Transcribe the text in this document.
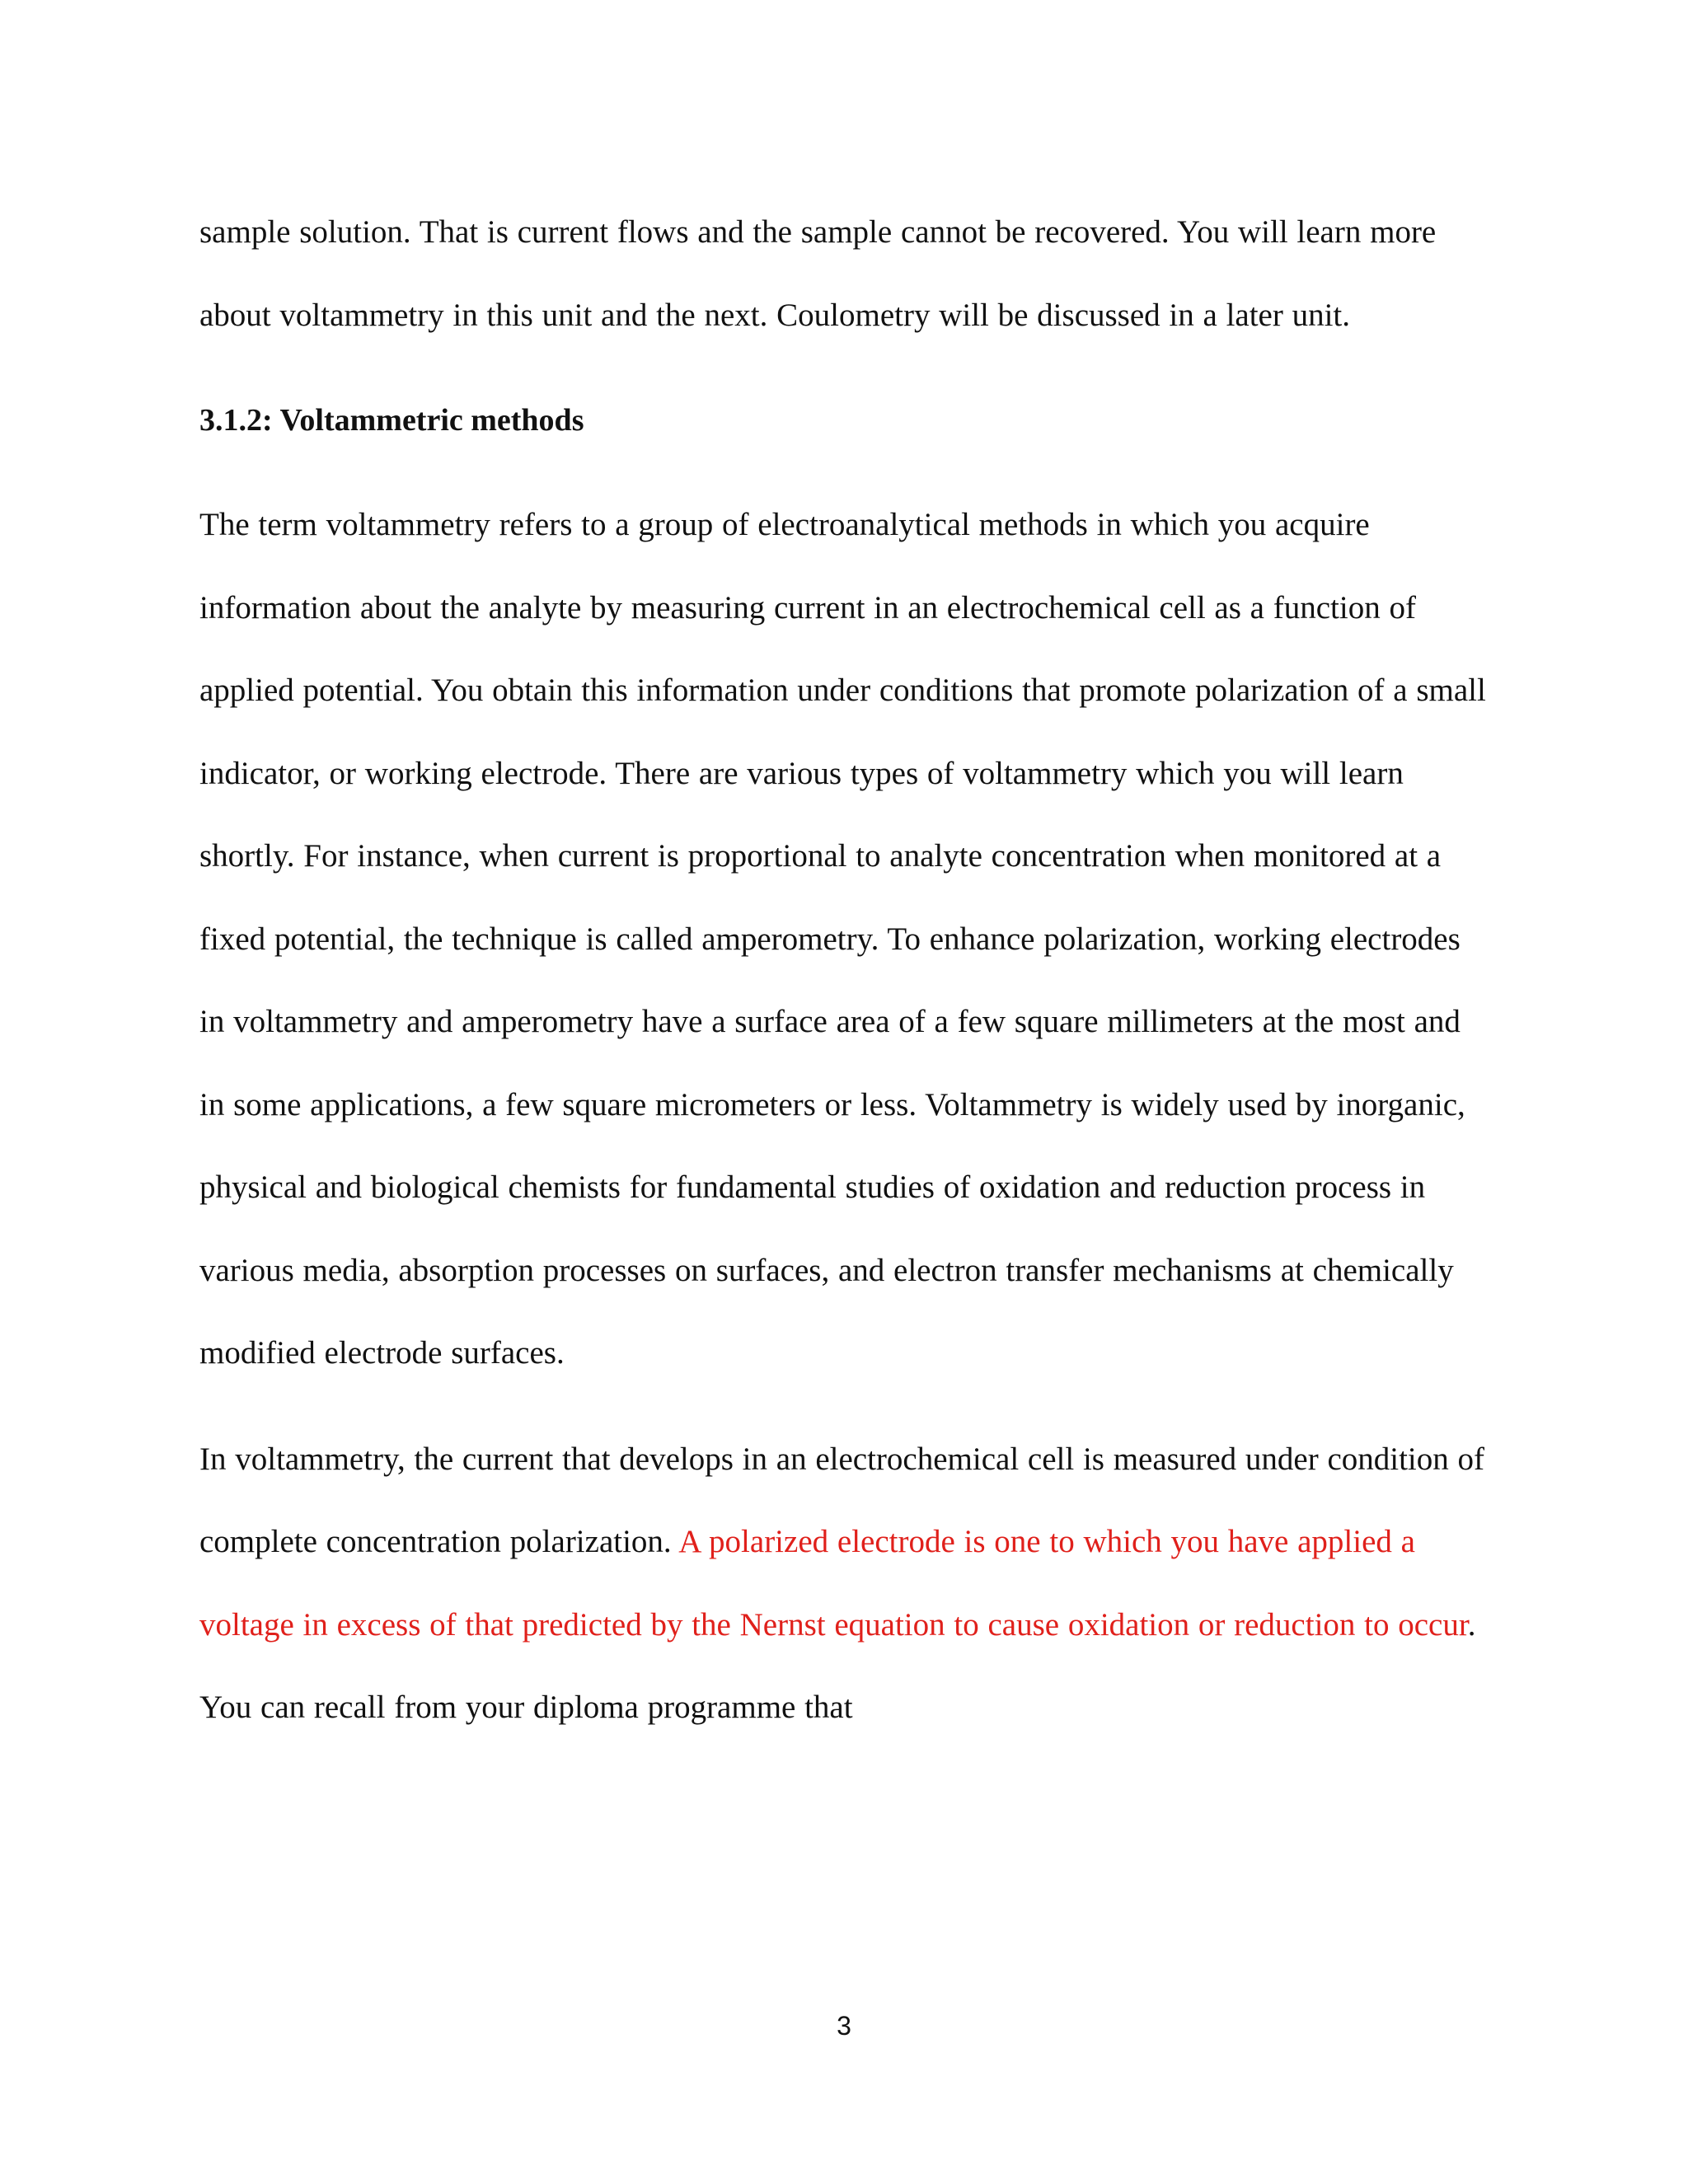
sample solution. That is current flows and the sample cannot be recovered. You will learn more about voltammetry in this unit and the next. Coulometry will be discussed in a later unit.

3.1.2: Voltammetric methods

The term voltammetry refers to a group of electroanalytical methods in which you acquire information about the analyte by measuring current in an electrochemical cell as a function of applied potential. You obtain this information under conditions that promote polarization of a small indicator, or working electrode. There are various types of voltammetry which you will learn shortly. For instance, when current is proportional to analyte concentration when monitored at a fixed potential, the technique is called amperometry. To enhance polarization, working electrodes in voltammetry and amperometry have a surface area of a few square millimeters at the most and in some applications, a few square micrometers or less. Voltammetry is widely used by inorganic, physical and biological chemists for fundamental studies of oxidation and reduction process in various media, absorption processes on surfaces, and electron transfer mechanisms at chemically modified electrode surfaces.

In voltammetry, the current that develops in an electrochemical cell is measured under condition of complete concentration polarization. A polarized electrode is one to which you have applied a voltage in excess of that predicted by the Nernst equation to cause oxidation or reduction to occur. You can recall from your diploma programme that

3
